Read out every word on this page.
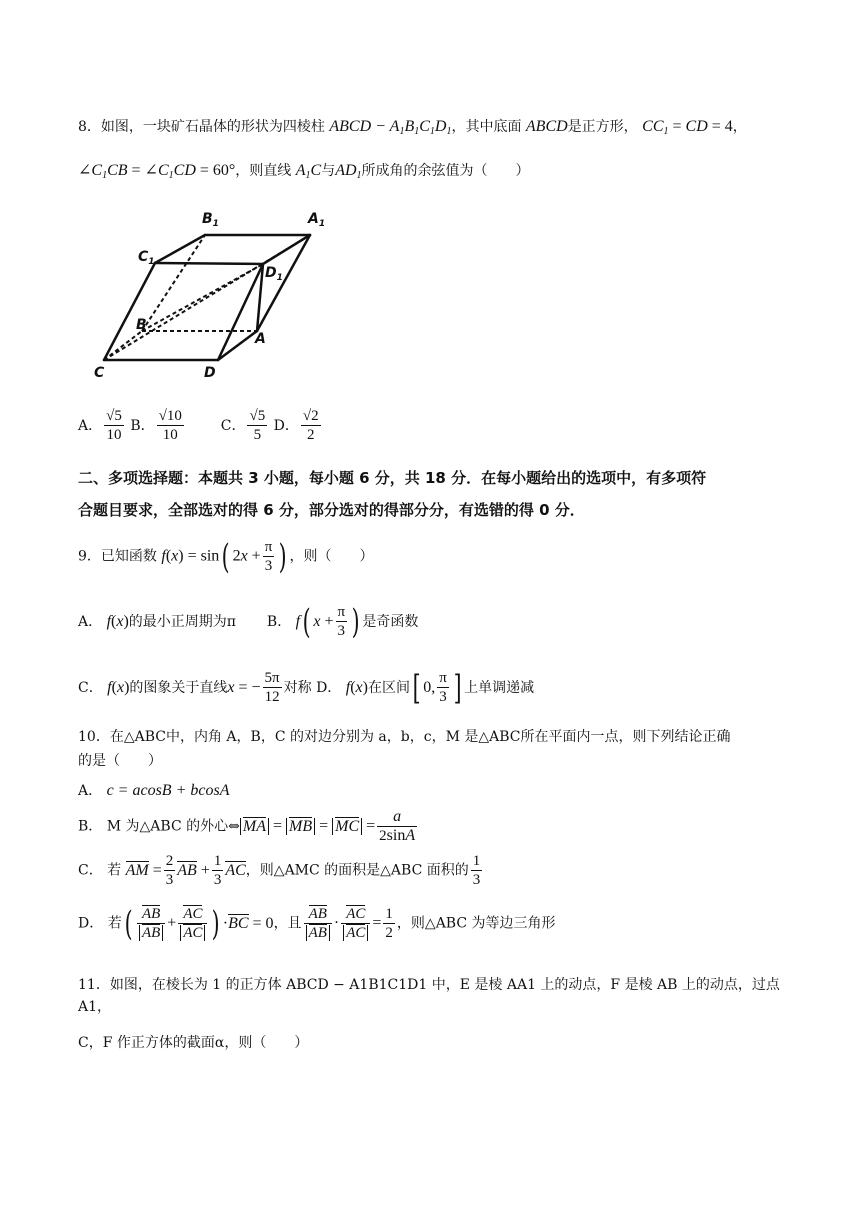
8．如图，一块矿石晶体的形状为四棱柱 ABCD − $A_1B_1C_1D_1$，其中底面 ABCD是正方形， $CC_1$ = CD = 4，
$\angle C_1CB$ = $\angle C_1CD = 60^\circ$，则直线 $A_1C$与$AD_1$所成角的余弦值为（　　）
$B_1$	$A_1$
$C_1$
$D_1$
B
A
C	D
A． $\frac{√5}{10}$ B． $\frac{√10}{10}$	C． $\frac{√5}{5}$ D． $\frac{√2}{2}$
二、多项选择题：本题共 3 小题，每小题 6 分，共 18 分．在每小题给出的选项中，有多项符
合题目要求，全部选对的得 6 分，部分选对的得部分分，有选错的得 0 分．
9．已知函数 f(x) = sin( $2x + \frac{\pi}{3}$ ) ，则（　　）
A． f(x)的最小正周期为π B． f( $x + \frac{\pi}{3}$ ) 是奇函数
C． f(x)的图象关于直线x = − $\frac{5\pi}{12}$ 对称 D． f(x)在区间[ 0, $\frac{\pi}{3}$ ] 上单调递减
10．在△ABC中，内角 A，B，C 的对边分别为 a，b，c，M 是△ABC所在平面内一点，则下列结论正确
的是（　　）
A． c = acosB + bcosA
B． M 为△ABC 的外心⇔ MA = MB = MC = $\frac{a}{2\sin A}$
C． 若 AM = $\frac{2}{3}$ AB + $\frac{1}{3}$ AC，则△AMC 的面积是△ABC 面积的 $\frac{1}{3}$
D． 若( $\frac{AB}{AB} + \frac{AC}{AC}$ ) ·BC = 0，且 $\frac{AB}{AB} \cdot \frac{AC}{AC} = \frac{1}{2}$ ，则△ABC 为等边三角形
11．如图，在棱长为 1 的正方体 ABCD − A1B1C1D1 中，E 是棱 AA1 上的动点，F 是棱 AB 上的动点，过点 A1，
C，F 作正方体的截面α，则（　　）
